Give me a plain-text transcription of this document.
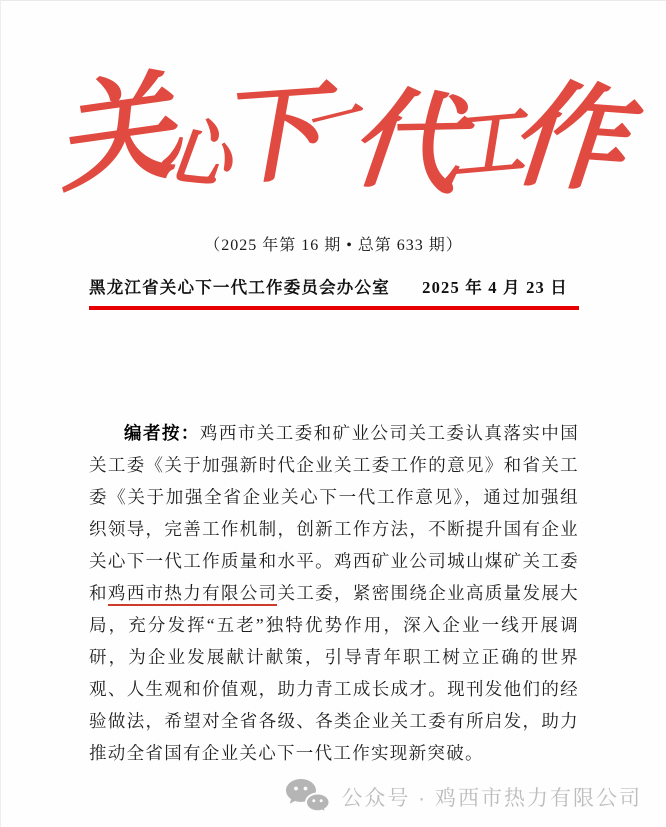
关
心
下
一
代
工
作
（2025 年第 16 期 • 总第 633 期）
黑龙江省关心下一代工作委员会办公室 2025 年 4 月 23 日

编者按：鸡西市关工委和矿业公司关工委认真落实中国关工委《关于加强新时代企业关工委工作的意见》和省关工委《关于加强全省企业关心下一代工作意见》，通过加强组织领导，完善工作机制，创新工作方法，不断提升国有企业关心下一代工作质量和水平。鸡西矿业公司城山煤矿关工委和鸡西市热力有限公司关工委，紧密围绕企业高质量发展大局，充分发挥“五老”独特优势作用，深入企业一线开展调研，为企业发展献计献策，引导青年职工树立正确的世界观、人生观和价值观，助力青工成长成才。现刊发他们的经验做法，希望对全省各级、各类企业关工委有所启发，助力推动全省国有企业关心下一代工作实现新突破。

公众号 · 鸡西市热力有限公司
